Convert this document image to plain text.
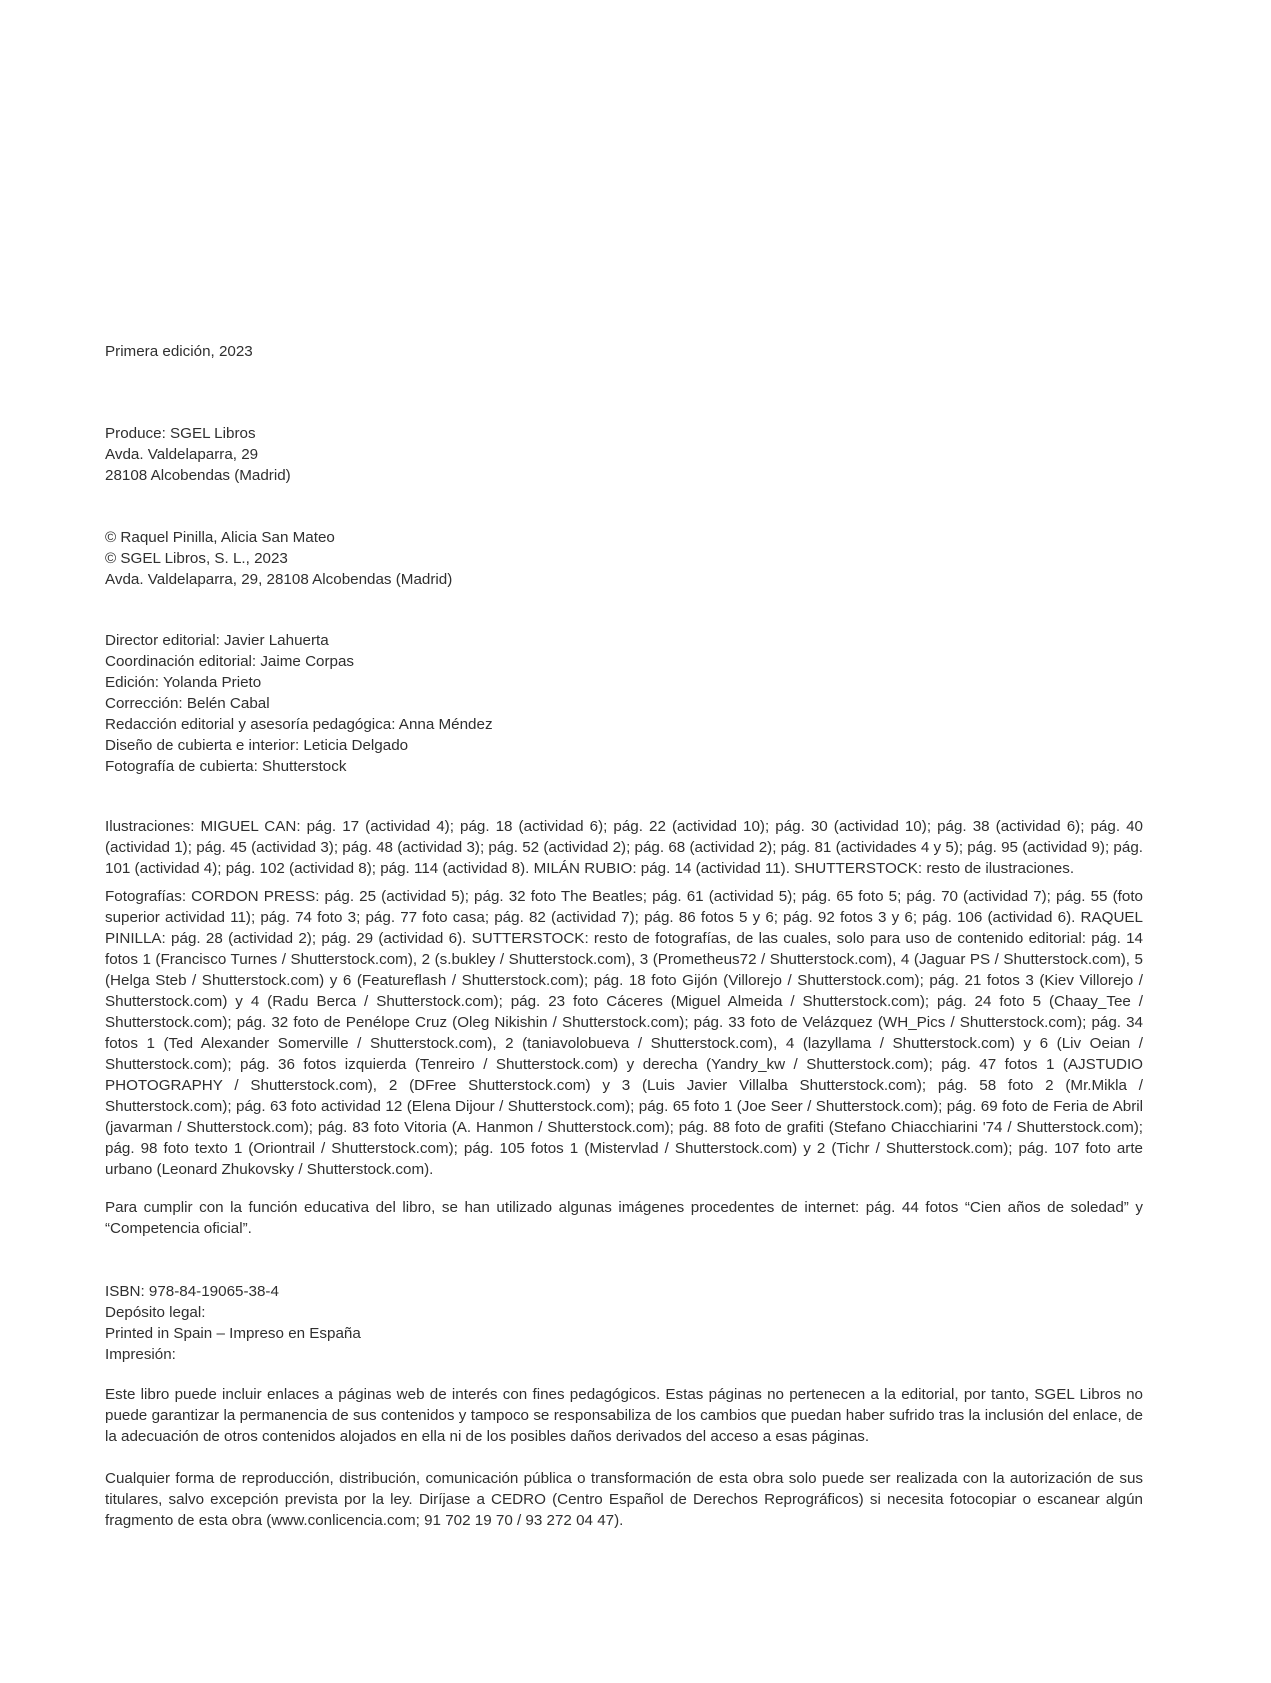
Primera edición, 2023
Produce: SGEL Libros
Avda. Valdelaparra, 29
28108 Alcobendas (Madrid)
© Raquel Pinilla, Alicia San Mateo
© SGEL Libros, S. L., 2023
Avda. Valdelaparra, 29, 28108 Alcobendas (Madrid)
Director editorial: Javier Lahuerta
Coordinación editorial: Jaime Corpas
Edición: Yolanda Prieto
Corrección: Belén Cabal
Redacción editorial y asesoría pedagógica: Anna Méndez
Diseño de cubierta e interior: Leticia Delgado
Fotografía de cubierta: Shutterstock

Ilustraciones: MIGUEL CAN: pág. 17 (actividad 4); pág. 18 (actividad 6); pág. 22 (actividad 10); pág. 30 (actividad 10); pág. 38 (actividad 6); pág. 40 (actividad 1); pág. 45 (actividad 3); pág. 48 (actividad 3); pág. 52 (actividad 2); pág. 68 (actividad 2); pág. 81 (actividades 4 y 5); pág. 95 (actividad 9); pág. 101 (actividad 4); pág. 102 (actividad 8); pág. 114 (actividad 8). MILÁN RUBIO: pág. 14 (actividad 11). SHUTTERSTOCK: resto de ilustraciones.

Fotografías: CORDON PRESS: pág. 25 (actividad 5); pág. 32 foto The Beatles; pág. 61 (actividad 5); pág. 65 foto 5; pág. 70 (actividad 7); pág. 55 (foto superior actividad 11); pág. 74 foto 3; pág. 77 foto casa; pág. 82 (actividad 7); pág. 86 fotos 5 y 6; pág. 92 fotos 3 y 6; pág. 106 (actividad 6). RAQUEL PINILLA: pág. 28 (actividad 2); pág. 29 (actividad 6). SUTTERSTOCK: resto de fotografías, de las cuales, solo para uso de contenido editorial: pág. 14 fotos 1 (Francisco Turnes / Shutterstock.com), 2 (s.bukley / Shutterstock.com), 3 (Prometheus72 / Shutterstock.com), 4 (Jaguar PS / Shutterstock.com), 5 (Helga Steb / Shutterstock.com) y 6 (Featureflash / Shutterstock.com); pág. 18 foto Gijón (Villorejo / Shutterstock.com); pág. 21 fotos 3 (Kiev Villorejo / Shutterstock.com) y 4 (Radu Berca / Shutterstock.com); pág. 23 foto Cáceres (Miguel Almeida / Shutterstock.com); pág. 24 foto 5 (Chaay_Tee / Shutterstock.com); pág. 32 foto de Penélope Cruz (Oleg Nikishin / Shutterstock.com); pág. 33 foto de Velázquez (WH_Pics / Shutterstock.com); pág. 34 fotos 1 (Ted Alexander Somerville / Shutterstock.com), 2 (taniavolobueva / Shutterstock.com), 4 (lazyllama / Shutterstock.com) y 6 (Liv Oeian / Shutterstock.com); pág. 36 fotos izquierda (Tenreiro / Shutterstock.com) y derecha (Yandry_kw / Shutterstock.com); pág. 47 fotos 1 (AJSTUDIO PHOTOGRAPHY / Shutterstock.com), 2 (DFree Shutterstock.com) y 3 (Luis Javier Villalba Shutterstock.com); pág. 58 foto 2 (Mr.Mikla / Shutterstock.com); pág. 63 foto actividad 12 (Elena Dijour / Shutterstock.com); pág. 65 foto 1 (Joe Seer / Shutterstock.com); pág. 69 foto de Feria de Abril (javarman / Shutterstock.com); pág. 83 foto Vitoria (A. Hanmon / Shutterstock.com); pág. 88 foto de grafiti (Stefano Chiacchiarini '74 / Shutterstock.com); pág. 98 foto texto 1 (Oriontrail / Shutterstock.com); pág. 105 fotos 1 (Mistervlad / Shutterstock.com) y 2 (Tichr / Shutterstock.com); pág. 107 foto arte urbano (Leonard Zhukovsky / Shutterstock.com).

Para cumplir con la función educativa del libro, se han utilizado algunas imágenes procedentes de internet: pág. 44 fotos “Cien años de soledad” y “Competencia oficial”.

ISBN: 978-84-19065-38-4
Depósito legal:
Printed in Spain – Impreso en España
Impresión:

Este libro puede incluir enlaces a páginas web de interés con fines pedagógicos. Estas páginas no pertenecen a la editorial, por tanto, SGEL Libros no puede garantizar la permanencia de sus contenidos y tampoco se responsabiliza de los cambios que puedan haber sufrido tras la inclusión del enlace, de la adecuación de otros contenidos alojados en ella ni de los posibles daños derivados del acceso a esas páginas.

Cualquier forma de reproducción, distribución, comunicación pública o transformación de esta obra solo puede ser realizada con la autorización de sus titulares, salvo excepción prevista por la ley. Diríjase a CEDRO (Centro Español de Derechos Reprográficos) si necesita fotocopiar o escanear algún fragmento de esta obra (www.conlicencia.com; 91 702 19 70 / 93 272 04 47).
